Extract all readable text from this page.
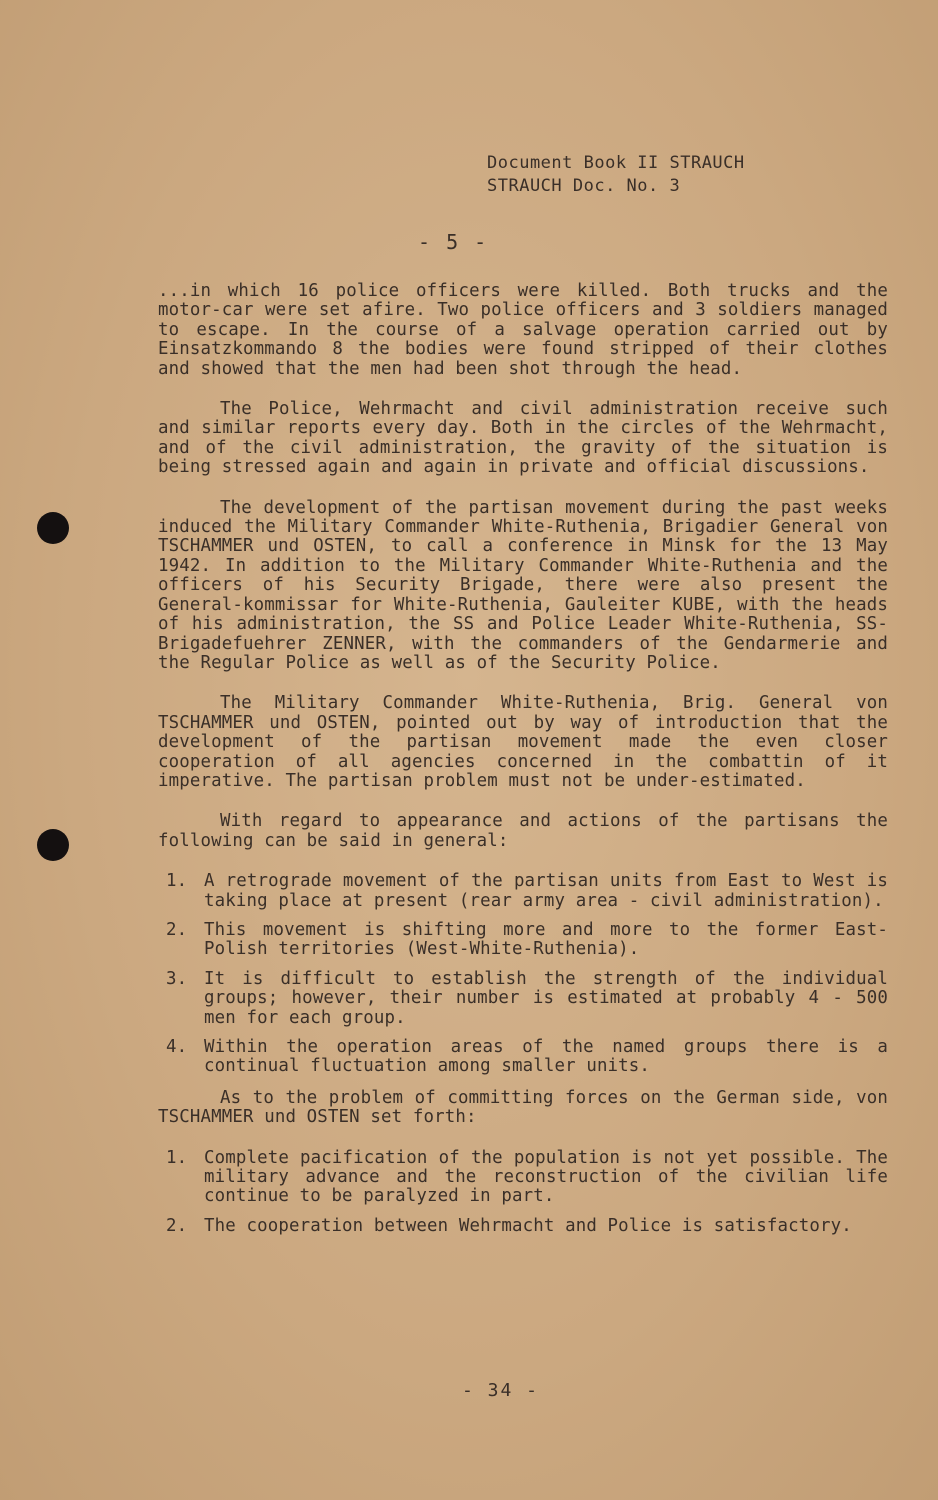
Document Book II STRAUCH
STRAUCH Doc. No. 3
- 5 -

...in which 16 police officers were killed. Both trucks and the motor-car were set afire. Two police officers and 3 soldiers managed to escape. In the course of a salvage operation carried out by Einsatzkommando 8 the bodies were found stripped of their clothes and showed that the men had been shot through the head.

The Police, Wehrmacht and civil administration receive such and similar reports every day. Both in the circles of the Wehrmacht, and of the civil administration, the gravity of the situation is being stressed again and again in private and official discussions.

The development of the partisan movement during the past weeks induced the Military Commander White-Ruthenia, Brigadier General von TSCHAMMER und OSTEN, to call a conference in Minsk for the 13 May 1942. In addition to the Military Commander White-Ruthenia and the officers of his Security Brigade, there were also present the General-kommissar for White-Ruthenia, Gauleiter KUBE, with the heads of his administration, the SS and Police Leader White-Ruthenia, SS-Brigadefuehrer ZENNER, with the commanders of the Gendarmerie and the Regular Police as well as of the Security Police.

The Military Commander White-Ruthenia, Brig. General von TSCHAMMER und OSTEN, pointed out by way of introduction that the development of the partisan movement made the even closer cooperation of all agencies concerned in the combattin of it imperative. The partisan problem must not be under-estimated.

With regard to appearance and actions of the partisans the following can be said in general:

1. A retrograde movement of the partisan units from East to West is taking place at present (rear army area - civil administration).
2. This movement is shifting more and more to the former East-Polish territories (West-White-Ruthenia).
3. It is difficult to establish the strength of the individual groups; however, their number is estimated at probably 4 - 500 men for each group.
4. Within the operation areas of the named groups there is a continual fluctuation among smaller units.

As to the problem of committing forces on the German side, von TSCHAMMER und OSTEN set forth:

1. Complete pacification of the population is not yet possible. The military advance and the reconstruction of the civilian life continue to be paralyzed in part.
2. The cooperation between Wehrmacht and Police is satisfactory.
- 34 -
